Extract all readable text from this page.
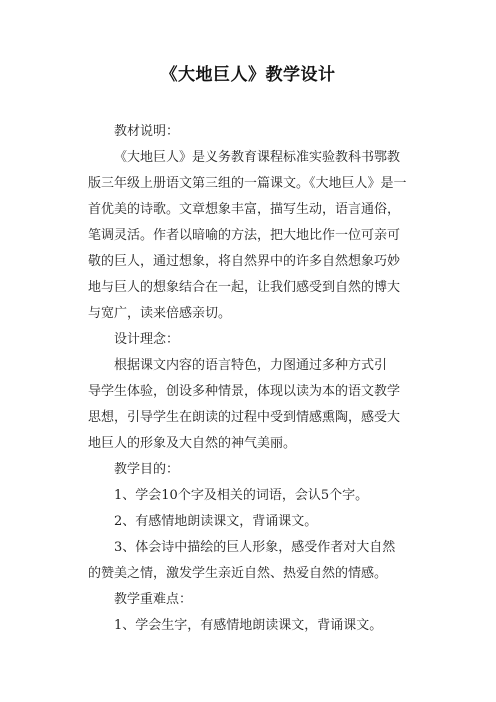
《大地巨人》教学设计
教材说明：
《大地巨人》是义务教育课程标准实验教科书鄂教
版三年级上册语文第三组的一篇课文。《大地巨人》是一
首优美的诗歌。文章想象丰富，描写生动，语言通俗，
笔调灵活。作者以暗喻的方法，把大地比作一位可亲可
敬的巨人，通过想象，将自然界中的许多自然想象巧妙
地与巨人的想象结合在一起，让我们感受到自然的博大
与宽广，读来倍感亲切。
设计理念：
根据课文内容的语言特色，力图通过多种方式引
导学生体验，创设多种情景，体现以读为本的语文教学
思想，引导学生在朗读的过程中受到情感熏陶，感受大
地巨人的形象及大自然的神气美丽。
教学目的：
1、学会10个字及相关的词语，会认5个字。
2、有感情地朗读课文，背诵课文。
3、体会诗中描绘的巨人形象，感受作者对大自然
的赞美之情，激发学生亲近自然、热爱自然的情感。
教学重难点：
1、学会生字，有感情地朗读课文，背诵课文。
